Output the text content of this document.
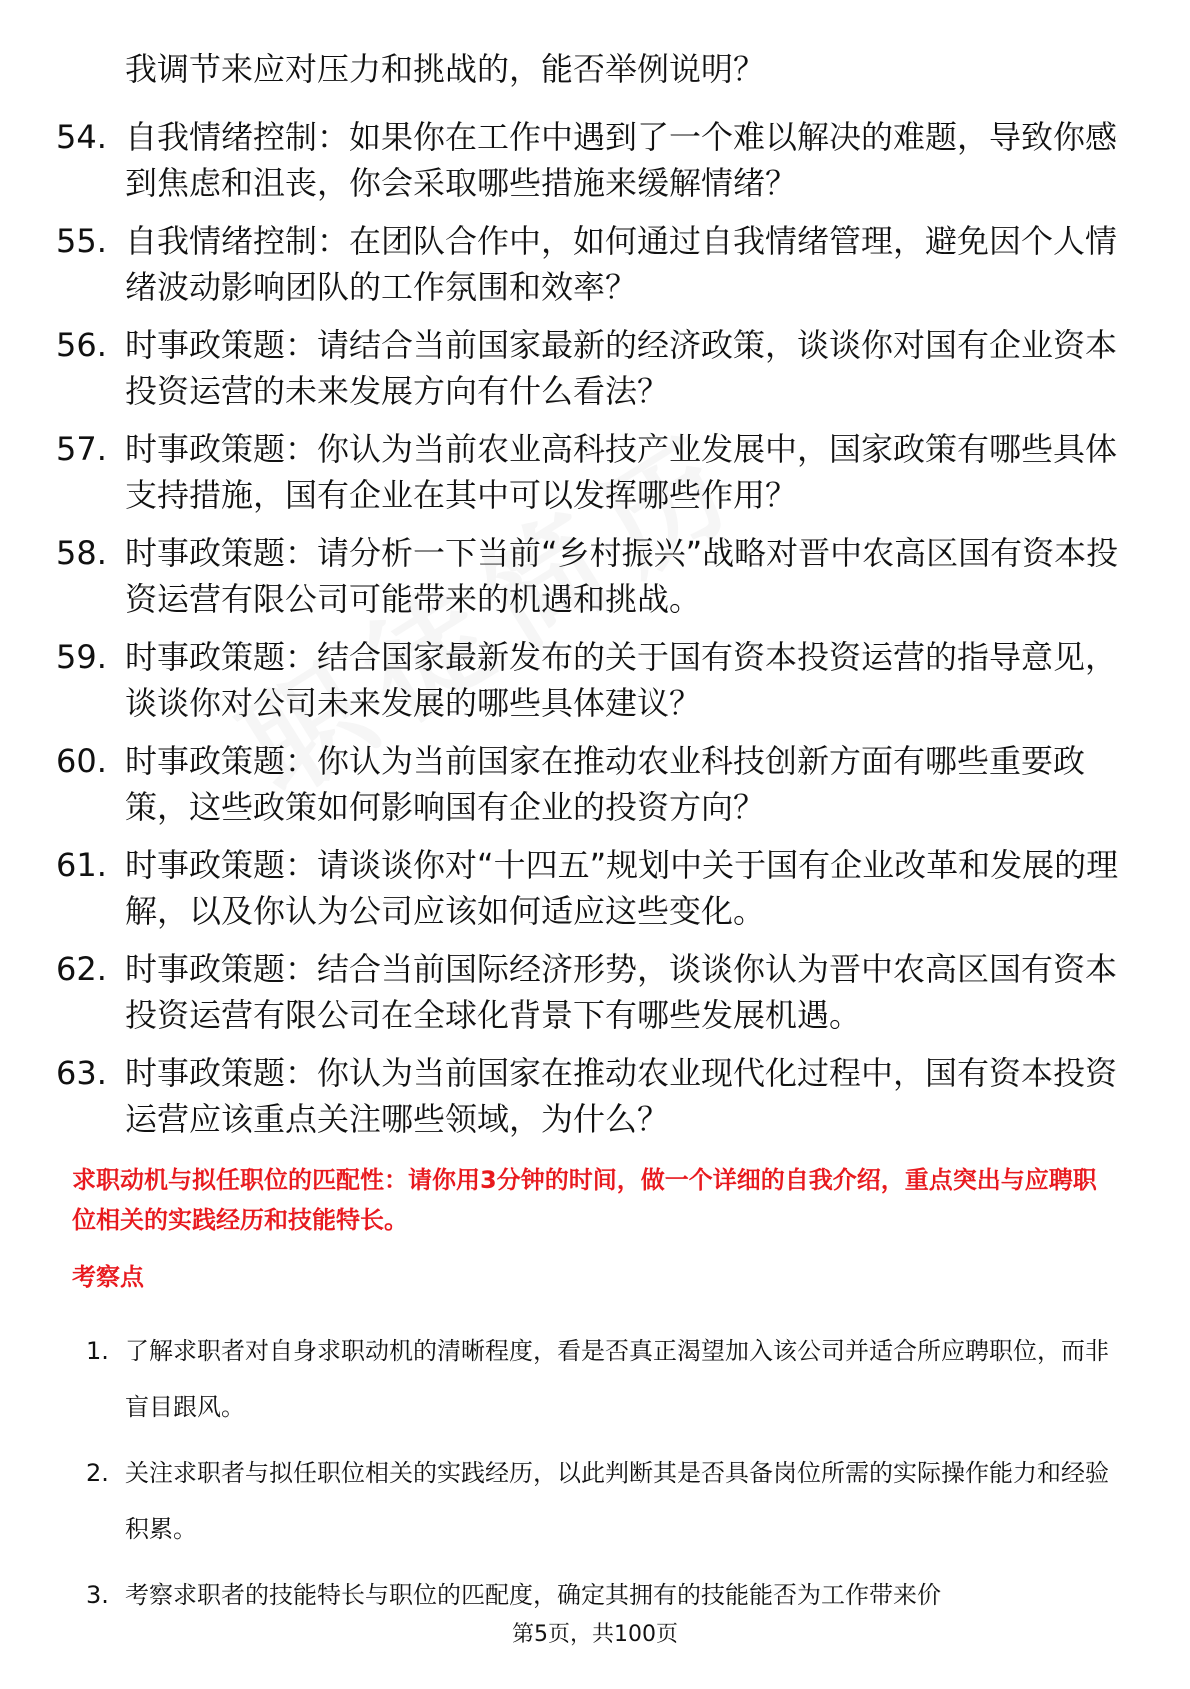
我调节来应对压力和挑战的，能否举例说明？
54. 自我情绪控制：如果你在工作中遇到了一个难以解决的难题，导致你感到焦虑和沮丧，你会采取哪些措施来缓解情绪？
55. 自我情绪控制：在团队合作中，如何通过自我情绪管理，避免因个人情绪波动影响团队的工作氛围和效率？
56. 时事政策题：请结合当前国家最新的经济政策，谈谈你对国有企业资本投资运营的未来发展方向有什么看法？
57. 时事政策题：你认为当前农业高科技产业发展中，国家政策有哪些具体支持措施，国有企业在其中可以发挥哪些作用？
58. 时事政策题：请分析一下当前“乡村振兴”战略对晋中农高区国有资本投资运营有限公司可能带来的机遇和挑战。
59. 时事政策题：结合国家最新发布的关于国有资本投资运营的指导意见，谈谈你对公司未来发展的哪些具体建议？
60. 时事政策题：你认为当前国家在推动农业科技创新方面有哪些重要政策，这些政策如何影响国有企业的投资方向？
61. 时事政策题：请谈谈你对“十四五”规划中关于国有企业改革和发展的理解，以及你认为公司应该如何适应这些变化。
62. 时事政策题：结合当前国际经济形势，谈谈你认为晋中农高区国有资本投资运营有限公司在全球化背景下有哪些发展机遇。
63. 时事政策题：你认为当前国家在推动农业现代化过程中，国有资本投资运营应该重点关注哪些领域，为什么？
求职动机与拟任职位的匹配性：请你用3分钟的时间，做一个详细的自我介绍，重点突出与应聘职位相关的实践经历和技能特长。
考察点
1. 了解求职者对自身求职动机的清晰程度，看是否真正渴望加入该公司并适合所应聘职位，而非盲目跟风。
2. 关注求职者与拟任职位相关的实践经历，以此判断其是否具备岗位所需的实际操作能力和经验积累。
3. 考察求职者的技能特长与职位的匹配度，确定其拥有的技能能否为工作带来价
第5页，共100页
